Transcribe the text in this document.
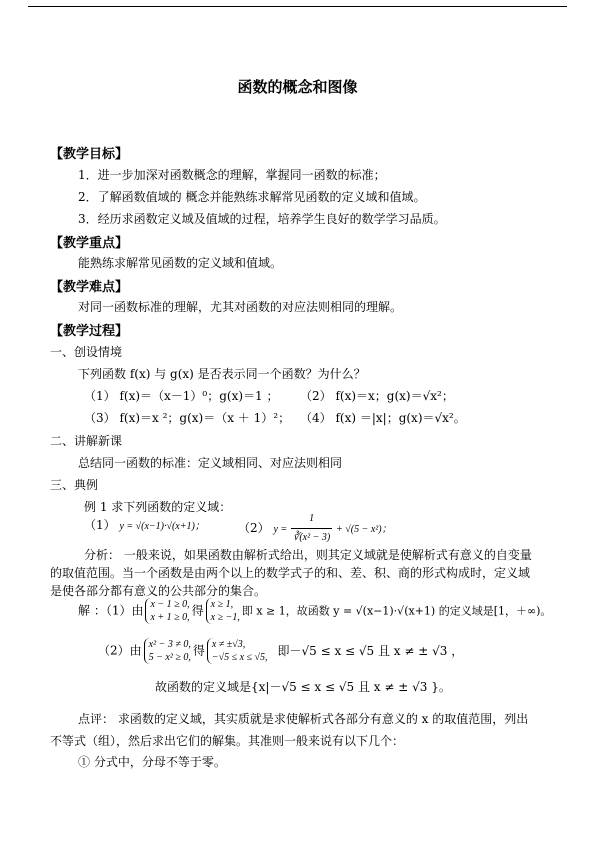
函数的概念和图像
【教学目标】
1．进一步加深对函数概念的理解，掌握同一函数的标准；
2．了解函数值域的 概念并能熟练求解常见函数的定义域和值域。
3．经历求函数定义域及值域的过程，培养学生良好的数学学习品质。
【教学重点】
能熟练求解常见函数的定义域和值域。
【教学难点】
对同一函数标准的理解，尤其对函数的对应法则相同的理解。
【教学过程】
一、创设情境
下列函数 f(x) 与 g(x) 是否表示同一个函数？为什么？
（1） f(x)＝（x－1）⁰；g(x)＝1 ； （2） f(x)＝x；g(x)＝√x²；
（3） f(x)＝x ²；g(x)＝（x ＋ 1）²； （4） f(x) ＝|x|；g(x)＝√x²。
二、讲解新课
总结同一函数的标准：定义域相同、对应法则相同
三、典例
例 1 求下列函数的定义域：
（1） y = √(x−1)·√(x+1)；	（2） $y = \frac{1}{\text{∛(x² − 3)}} + √(5 - x^2)$；
分析： 一般来说，如果函数由解析式给出，则其定义域就是使解析式有意义的自变量
的取值范围。当一个函数是由两个以上的数学式子的和、差、积、商的形式构成时，定义域
是使各部分都有意义的公共部分的集合。
解 ：（1）由 x − 1 ≥ 0,
x + 1 ≥ 0, 得 x ≥ 1,
x ≥ −1, 即 x ≥ 1，故函数 y = √(x−1)·√(x+1) 的定义域是[1，＋∞)。
（2）由 x² − 3 ≠ 0,
5 − x² ≥ 0, 得 x ≠ ±√3,
−√5 ≤ x ≤ √5, 即－√5 ≤ x ≤ √5 且 x ≠ ± √3 ，
故函数的定义域是{x|－√5 ≤ x ≤ √5 且 x ≠ ± √3 }。
点评： 求函数的定义域，其实质就是求使解析式各部分有意义的 x 的取值范围，列出
不等式（组），然后求出它们的解集。其准则一般来说有以下几个：
① 分式中，分母不等于零。
